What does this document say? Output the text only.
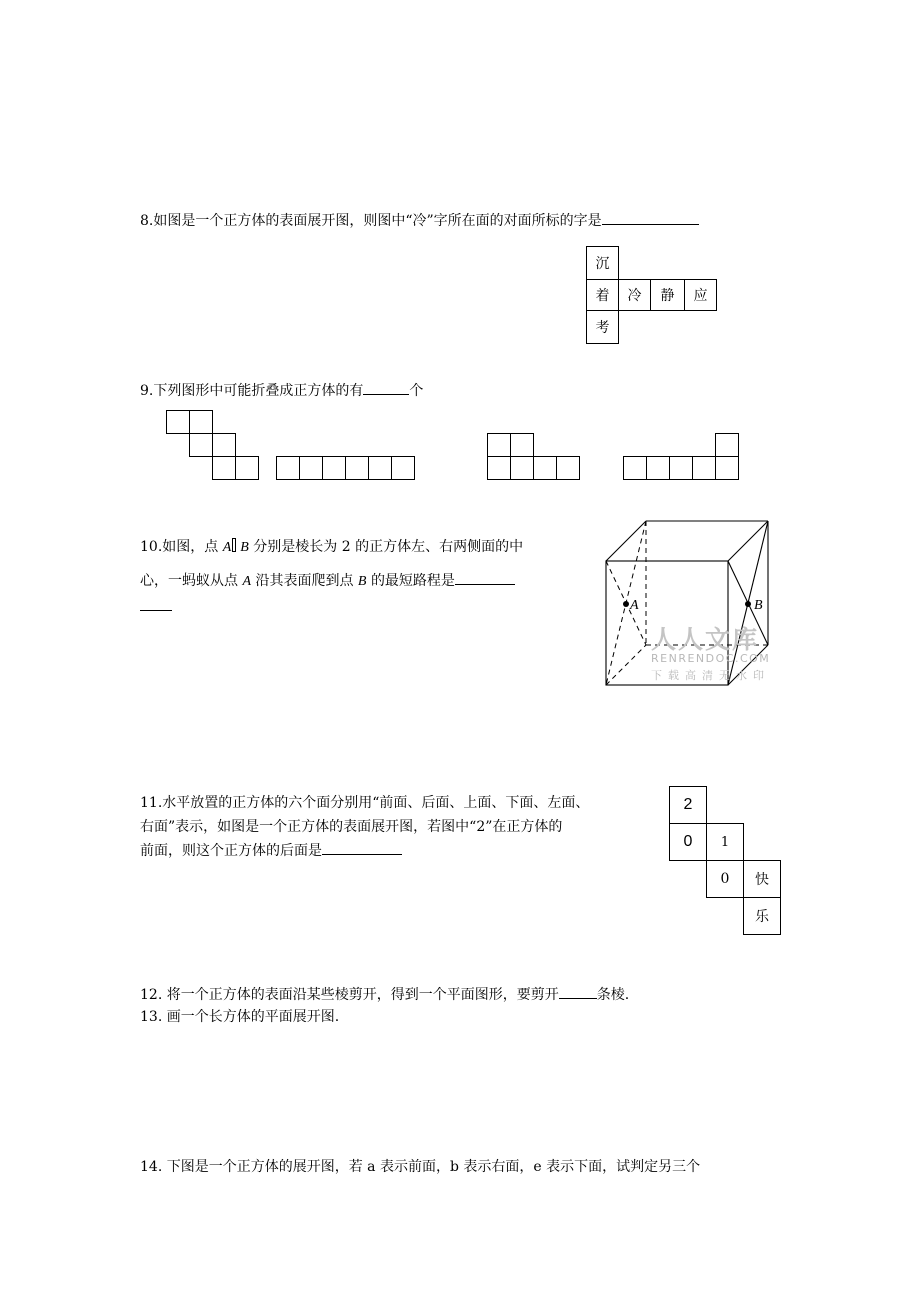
8.如图是一个正方体的表面展开图，则图中“冷”字所在面的对面所标的字是
沉
着	冷	静	应
考
9.下列图形中可能折叠成正方体的有	个
10.如图，点 A B 分别是棱长为 2 的正方体左、右两侧面的中
心，一蚂蚁从点 A 沿其表面爬到点 B 的最短路程是
A	B
人人文库
RENRENDOC.COM
下载高清无水印
11.水平放置的正方体的六个面分别用“前面、后面、上面、下面、左面、
右面”表示，如图是一个正方体的表面展开图，若图中“2”在正方体的
前面，则这个正方体的后面是
2
0	1
0	快
乐
12. 将一个正方体的表面沿某些棱剪开，得到一个平面图形，要剪开	条棱.
13. 画一个长方体的平面展开图.
14. 下图是一个正方体的展开图，若 a 表示前面，b 表示右面，e 表示下面，试判定另三个
